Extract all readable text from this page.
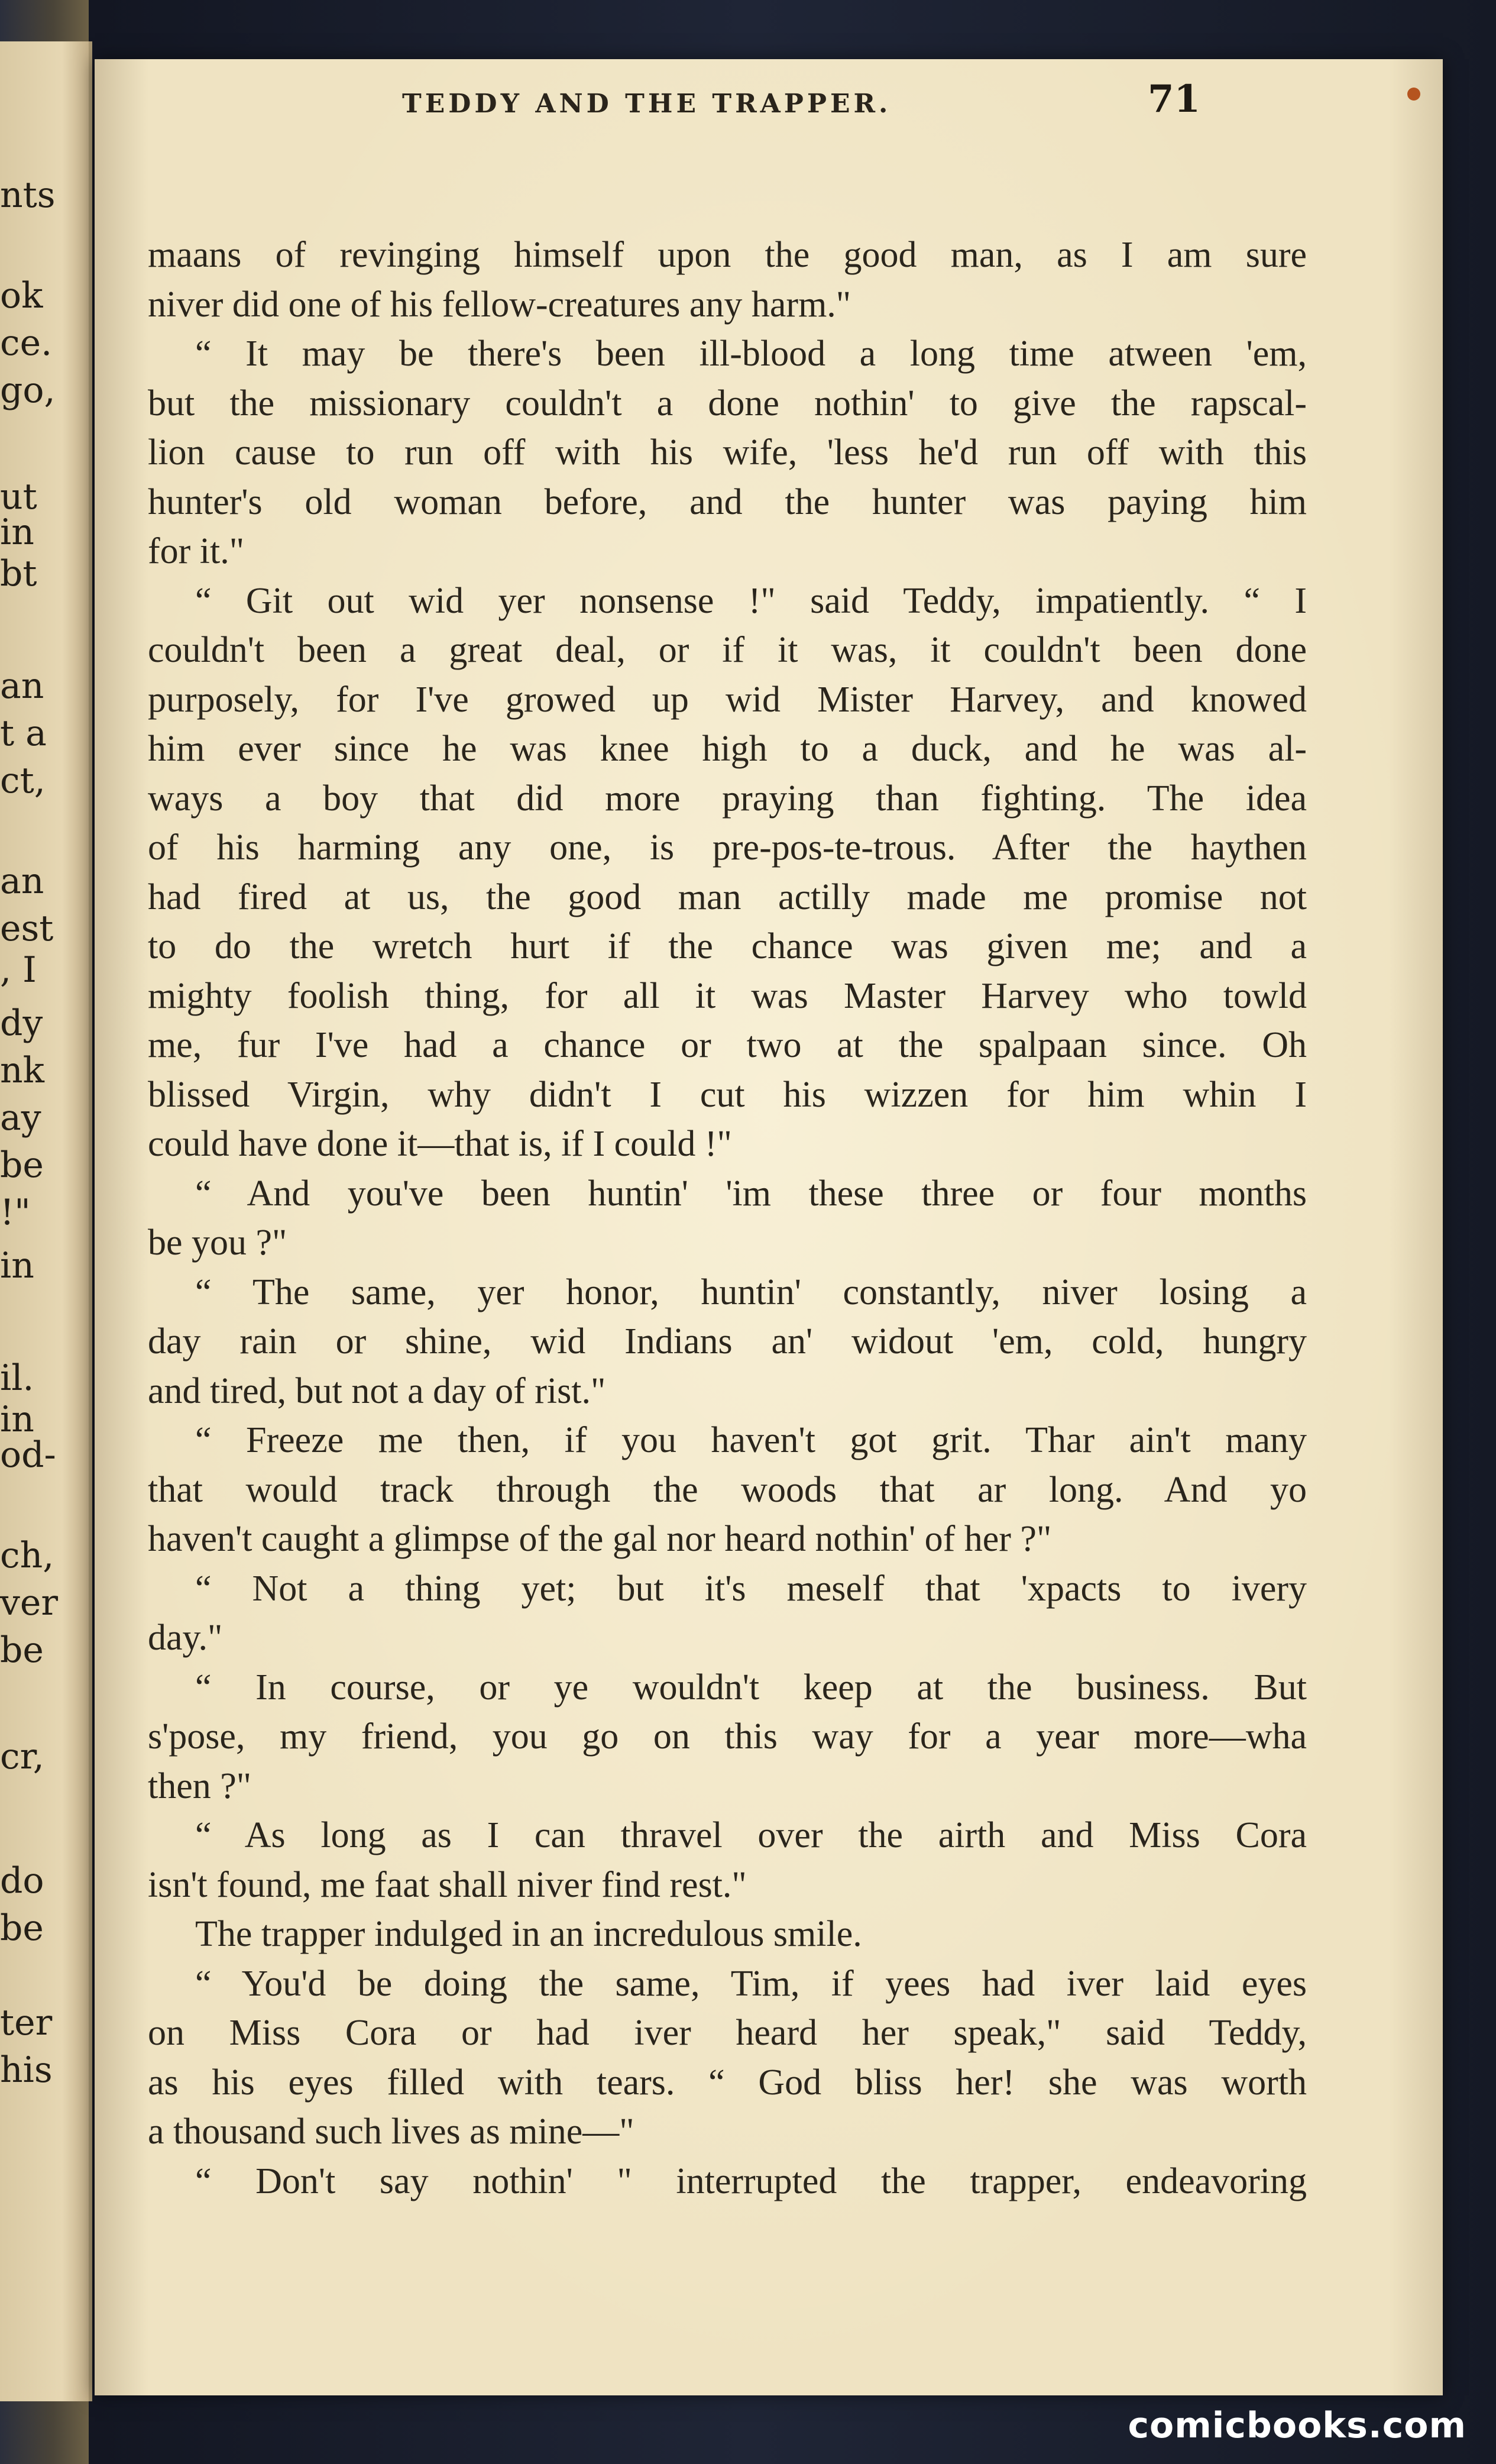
nts
ok
ce.
go,
ut
in
bt
an
t a
ct,
an
est
, I
dy
nk
ay
be
!"
in
il.
in
od-
ch,
ver
be
cr,
do
be
ter
his
TEDDY AND THE TRAPPER.	71
maans of revinging himself upon the good man, as I am sure
niver did one of his fellow-creatures any harm."
“ It may be there's been ill-blood a long time atween 'em,
but the missionary couldn't a done nothin' to give the rapscal-
lion cause to run off with his wife, 'less he'd run off with this
hunter's old woman before, and the hunter was paying him
for it."
“ Git out wid yer nonsense !" said Teddy, impatiently. “ I
couldn't been a great deal, or if it was, it couldn't been done
purposely, for I've growed up wid Mister Harvey, and knowed
him ever since he was knee high to a duck, and he was al-
ways a boy that did more praying than fighting. The idea
of his harming any one, is pre-pos-te-trous. After the haythen
had fired at us, the good man actilly made me promise not
to do the wretch hurt if the chance was given me; and a
mighty foolish thing, for all it was Master Harvey who towld
me, fur I've had a chance or two at the spalpaan since. Oh
blissed Virgin, why didn't I cut his wizzen for him whin I
could have done it—that is, if I could !"
“ And you've been huntin' 'im these three or four months
be you ?"
“ The same, yer honor, huntin' constantly, niver losing a
day rain or shine, wid Indians an' widout 'em, cold, hungry
and tired, but not a day of rist."
“ Freeze me then, if you haven't got grit. Thar ain't many
that would track through the woods that ar long. And yo
haven't caught a glimpse of the gal nor heard nothin' of her ?"
“ Not a thing yet; but it's meself that 'xpacts to ivery
day."
“ In course, or ye wouldn't keep at the business. But
s'pose, my friend, you go on this way for a year more—wha
then ?"
“ As long as I can thravel over the airth and Miss Cora
isn't found, me faat shall niver find rest."
The trapper indulged in an incredulous smile.
“ You'd be doing the same, Tim, if yees had iver laid eyes
on Miss Cora or had iver heard her speak," said Teddy,
as his eyes filled with tears. “ God bliss her! she was worth
a thousand such lives as mine—"
“ Don't say nothin' " interrupted the trapper, endeavoring
comicbooks.com
